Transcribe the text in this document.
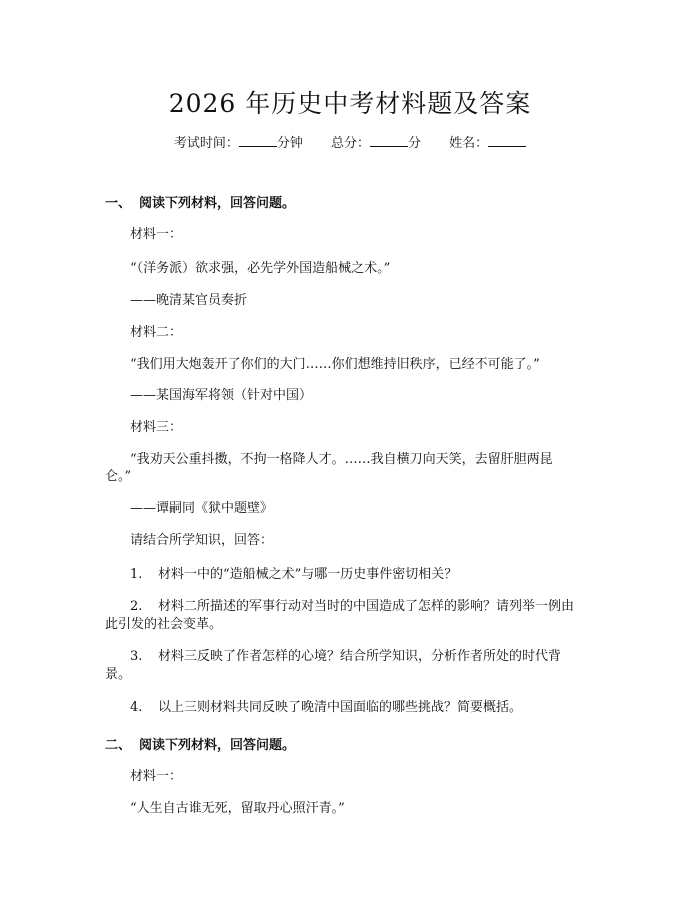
2026 年历史中考材料题及答案
考试时间：	分钟 总分：	分 姓名：
一、 阅读下列材料，回答问题。
材料一：
“（洋务派）欲求强，必先学外国造船械之术。”
——晚清某官员奏折
材料二：
“我们用大炮轰开了你们的大门……你们想维持旧秩序，已经不可能了。”
——某国海军将领（针对中国）
材料三：
“我劝天公重抖擞，不拘一格降人才。……我自横刀向天笑，去留肝胆两昆
仑。”
——谭嗣同《狱中题壁》
请结合所学知识，回答：
1. 材料一中的“造船械之术”与哪一历史事件密切相关？
2. 材料二所描述的军事行动对当时的中国造成了怎样的影响？请列举一例由
此引发的社会变革。
3. 材料三反映了作者怎样的心境？结合所学知识，分析作者所处的时代背
景。
4. 以上三则材料共同反映了晚清中国面临的哪些挑战？简要概括。
二、 阅读下列材料，回答问题。
材料一：
“人生自古谁无死，留取丹心照汗青。”
